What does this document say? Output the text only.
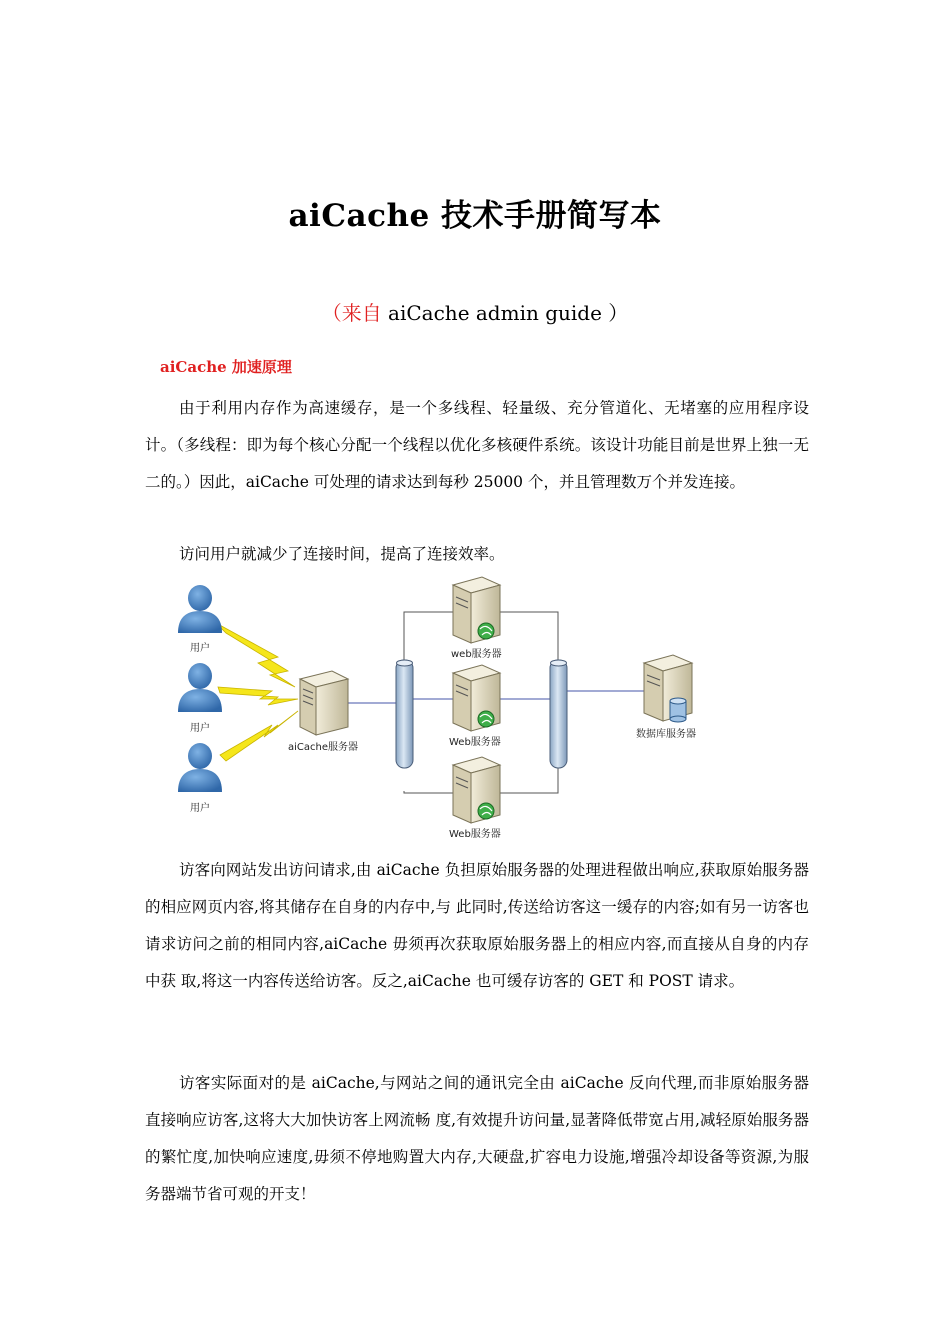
aiCache 技术手册简写本
（来自 aiCache admin guide ）
aiCache 加速原理
由于利用内存作为高速缓存，是一个多线程、轻量级、充分管道化、无堵塞的应用程序设计。（多线程：即为每个核心分配一个线程以优化多核硬件系统。该设计功能目前是世界上独一无二的。）因此，aiCache 可处理的请求达到每秒 25000 个，并且管理数万个并发连接。
访问用户就减少了连接时间，提高了连接效率。
用户
用户
用户
aiCache服务器
web服务器
Web服务器
Web服务器
数据库服务器
访客向网站发出访问请求,由 aiCache 负担原始服务器的处理进程做出响应,获取原始服务器的相应网页内容,将其储存在自身的内存中,与 此同时,传送给访客这一缓存的内容;如有另一访客也请求访问之前的相同内容,aiCache 毋须再次获取原始服务器上的相应内容,而直接从自身的内存中获 取,将这一内容传送给访客。反之,aiCache 也可缓存访客的 GET 和 POST 请求。
访客实际面对的是 aiCache,与网站之间的通讯完全由 aiCache 反向代理,而非原始服务器直接响应访客,这将大大加快访客上网流畅 度,有效提升访问量,显著降低带宽占用,减轻原始服务器的繁忙度,加快响应速度,毋须不停地购置大内存,大硬盘,扩容电力设施,增强冷却设备等资源,为服 务器端节省可观的开支！
